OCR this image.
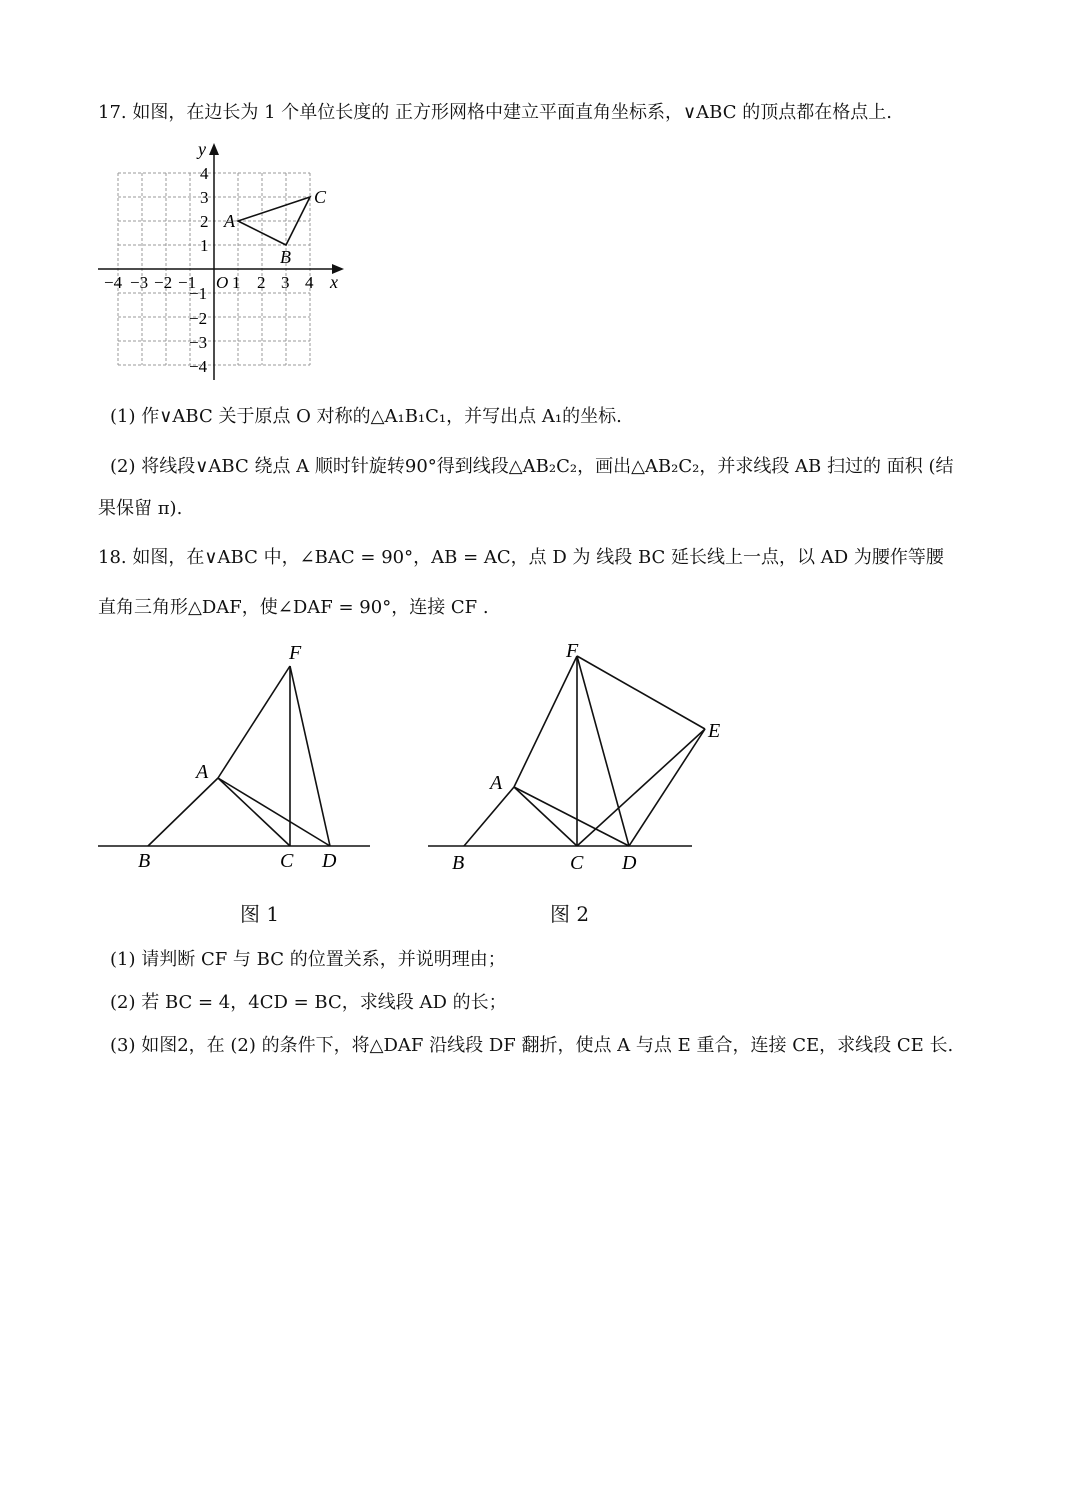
17. 如图，在边长为 1 个单位长度的 正方形网格中建立平面直角坐标系，∨ABC 的顶点都在格点上.
y
x
−4 −3 −2 −1 O 1 2 3 4
1
2
3
4
−1
−2
−3
−4
A
B
C
(1) 作∨ABC 关于原点 O 对称的△A₁B₁C₁，并写出点 A₁的坐标.
(2) 将线段∨ABC 绕点 A 顺时针旋转90°得到线段△AB₂C₂，画出△AB₂C₂，并求线段 AB 扫过的 面积 (结
果保留 π).
18. 如图，在∨ABC 中，∠BAC = 90°，AB = AC，点 D 为 线段 BC 延长线上一点，以 AD 为腰作等腰
直角三角形△DAF，使∠DAF = 90°，连接 CF .
F
A
B	C D
F
E
A
B	C D
图 1	图 2
(1) 请判断 CF 与 BC 的位置关系，并说明理由；
(2) 若 BC = 4，4CD = BC，求线段 AD 的长；
(3) 如图2，在 (2) 的条件下，将△DAF 沿线段 DF 翻折，使点 A 与点 E 重合，连接 CE，求线段 CE 长.
